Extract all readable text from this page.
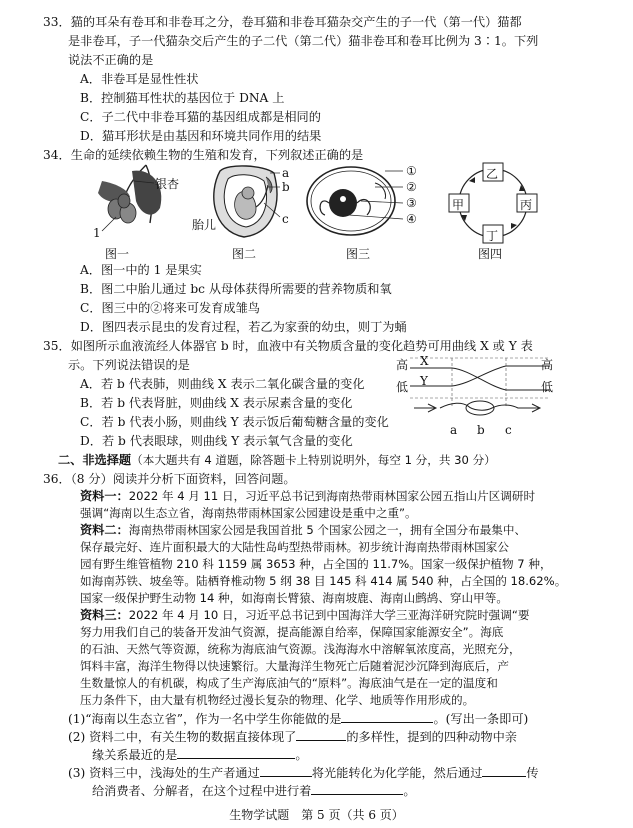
33．猫的耳朵有卷耳和非卷耳之分，卷耳猫和非卷耳猫杂交产生的子一代（第一代）猫都
是非卷耳，子一代猫杂交后产生的子二代（第二代）猫非卷耳和卷耳比例为 3∶1。下列
说法不正确的是
A．非卷耳是显性性状
B．控制猫耳性状的基因位于 DNA 上
C．子二代中非卷耳猫的基因组成都是相同的
D．猫耳形状是由基因和环境共同作用的结果
34．生命的延续依赖生物的生殖和发育，下列叙述正确的是
银杏
1
a
b
c
胎儿
①
②
③
④
乙
甲	丙
丁
图一	图二	图三	图四
A．图一中的 1 是果实
B．图二中胎儿通过 bc 从母体获得所需要的营养物质和氧
C．图三中的②将来可发育成雏鸟
D．图四表示昆虫的发育过程，若乙为家蚕的幼虫，则丁为蛹
35．如图所示血液流经人体器官 b 时，血液中有关物质含量的变化趋势可用曲线 X 或 Y 表
示。下列说法错误的是
A．若 b 代表肺，则曲线 X 表示二氧化碳含量的变化
B．若 b 代表肾脏，则曲线 X 表示尿素含量的变化
C．若 b 代表小肠，则曲线 Y 表示饭后葡萄糖含量的变化
D．若 b 代表眼球，则曲线 Y 表示氧气含量的变化
高
低
高
低
X
Y
a b c
二、非选择题（本大题共有 4 道题，除答题卡上特别说明外，每空 1 分，共 30 分）
36．（8 分）阅读并分析下面资料，回答问题。
资料一：2022 年 4 月 11 日，习近平总书记到海南热带雨林国家公园五指山片区调研时
强调“海南以生态立省，海南热带雨林国家公园建设是重中之重”。
资料二：海南热带雨林国家公园是我国首批 5 个国家公园之一，拥有全国分布最集中、
保存最完好、连片面积最大的大陆性岛屿型热带雨林。初步统计海南热带雨林国家公
园有野生维管植物 210 科 1159 属 3653 种，占全国的 11.7%。国家一级保护植物 7 种，
如海南苏铁、坡垒等。陆栖脊椎动物 5 纲 38 目 145 科 414 属 540 种，占全国的 18.62%。
国家一级保护野生动物 14 种，如海南长臂猿、海南坡鹿、海南山鹧鸪、穿山甲等。
资料三：2022 年 4 月 10 日，习近平总书记到中国海洋大学三亚海洋研究院时强调“要
努力用我们自己的装备开发油气资源，提高能源自给率，保障国家能源安全”。海底
的石油、天然气等资源，统称为海底油气资源。浅海海水中溶解氧浓度高，光照充分，
饵料丰富，海洋生物得以快速繁衍。大量海洋生物死亡后随着泥沙沉降到海底后，产
生数量惊人的有机碳，构成了生产海底油气的“原料”。海底油气是在一定的温度和
压力条件下，由大量有机物经过漫长复杂的物理、化学、地质等作用形成的。
(1)“海南以生态立省”，作为一名中学生你能做的是	。(写出一条即可)
(2) 资料二中，有关生物的数据直接体现了	的多样性，提到的四种动物中亲
缘关系最近的是	。
(3) 资料三中，浅海处的生产者通过	将光能转化为化学能，然后通过	传
给消费者、分解者，在这个过程中进行着	。
生物学试题　第 5 页（共 6 页）
